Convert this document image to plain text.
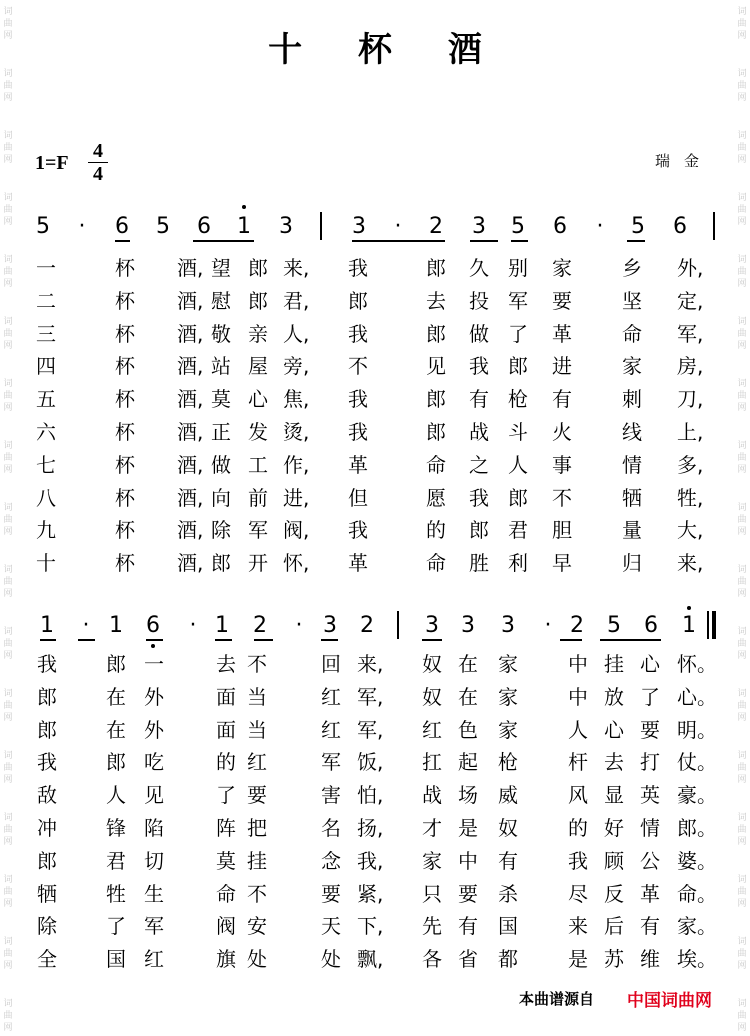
词
曲
网
词
曲
网
词
曲
网
词
曲
网
词
曲
网
词
曲
网
词
曲
网
词
曲
网
词
曲
网
词
曲
网
词
曲
网
词
曲
网
词
曲
网
词
曲
网
词
曲
网
词
曲
网
词
曲
网
词
曲
网
词
曲
网
词
曲
网
词
曲
网
词
曲
网
词
曲
网
词
曲
网
词
曲
网
词
曲
网
词
曲
网
词
曲
网
词
曲
网
词
曲
网
词
曲
网
词
曲
网
词
曲
网
词
曲
网
十 杯 酒
$1=F \frac{4}{4}$	瑞金
5 · 6 5 6 1 3	3 · 2 3 5 6 · 5 6
一	杯 酒, 望 郎 来, 我	郎 久 别 家	乡 外,
二	杯 酒, 慰 郎 君, 郎	去 投 军 要	坚 定,
三	杯 酒, 敬 亲 人, 我	郎 做 了 革	命 军,
四	杯 酒, 站 屋 旁, 不	见 我 郎 进	家 房,
五	杯 酒, 莫 心 焦, 我	郎 有 枪 有	刺 刀,
六	杯 酒, 正 发 烫, 我	郎 战 斗 火	线 上,
七	杯 酒, 做 工 作, 革	命 之 人 事	情 多,
八	杯 酒, 向 前 进, 但	愿 我 郎 不	牺 牲,
九	杯 酒, 除 军 阀, 我	的 郎 君 胆	量 大,
十	杯 酒, 郎 开 怀, 革	命 胜 利 早	归 来,
1 · 1 6 · 1 2 · 3 2 3 3 3 · 2 5 6 1
我 郎 一	去 不	回 来, 奴 在 家	中 挂 心 怀。
郎 在 外	面 当	红 军, 奴 在 家	中 放 了 心。
郎 在 外	面 当	红 军, 红 色 家	人 心 要 明。
我 郎 吃	的 红	军 饭, 扛 起 枪	杆 去 打 仗。
敌 人 见	了 要	害 怕, 战 场 威	风 显 英 豪。
冲 锋 陷	阵 把	名 扬, 才 是 奴	的 好 情 郎。
郎 君 切	莫 挂	念 我, 家 中 有	我 顾 公 婆。
牺 牲 生	命 不	要 紧, 只 要 杀	尽 反 革 命。
除 了 军	阀 安	天 下, 先 有 国	来 后 有 家。
全 国 红	旗 处	处 飘, 各 省 都	是 苏 维 埃。
本曲谱源自 中国词曲网
